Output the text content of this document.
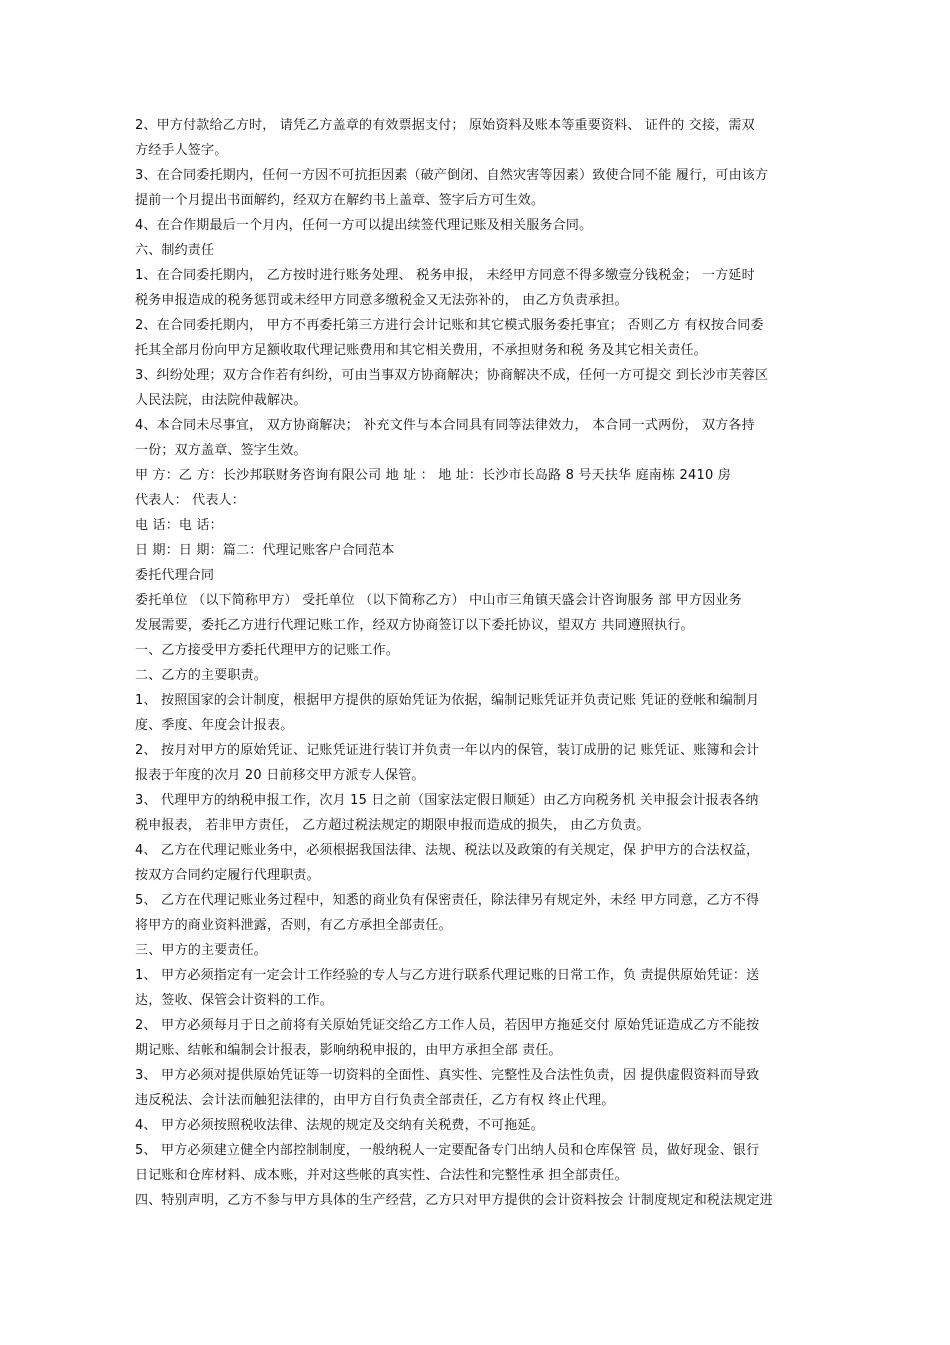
2、甲方付款给乙方时， 请凭乙方盖章的有效票据支付； 原始资料及账本等重要资料、 证件的 交接，需双
方经手人签字。
3、在合同委托期内，任何一方因不可抗拒因素（破产倒闭、自然灾害等因素）致使合同不能 履行，可由该方
提前一个月提出书面解约，经双方在解约书上盖章、签字后方可生效。
4、在合作期最后一个月内，任何一方可以提出续签代理记账及相关服务合同。
六、制约责任
1、在合同委托期内， 乙方按时进行账务处理、 税务申报， 未经甲方同意不得多缴壹分钱税金； 一方延时
税务申报造成的税务惩罚或未经甲方同意多缴税金又无法弥补的， 由乙方负责承担。
2、在合同委托期内， 甲方不再委托第三方进行会计记账和其它模式服务委托事宜； 否则乙方 有权按合同委
托其全部月份向甲方足额收取代理记账费用和其它相关费用，不承担财务和税 务及其它相关责任。
3、纠纷处理；双方合作若有纠纷，可由当事双方协商解决；协商解决不成，任何一方可提交 到长沙市芙蓉区
人民法院，由法院仲裁解决。
4、本合同未尽事宜， 双方协商解决； 补充文件与本合同具有同等法律效力， 本合同一式两份， 双方各持
一份；双方盖章、签字生效。
甲 方：乙 方：长沙邦联财务咨询有限公司 地 址 ： 地 址：长沙市长岛路 8 号天扶华 庭南栋 2410 房
代表人： 代表人：
电 话：电 话：
日 期：日 期：篇二：代理记账客户合同范本
委托代理合同
委托单位 （以下简称甲方） 受托单位 （以下简称乙方） 中山市三角镇天盛会计咨询服务 部 甲方因业务
发展需要，委托乙方进行代理记账工作，经双方协商签订以下委托协议，望双方 共同遵照执行。
一、乙方接受甲方委托代理甲方的记账工作。
二、乙方的主要职责。
1、 按照国家的会计制度，根据甲方提供的原始凭证为依据，编制记账凭证并负责记账 凭证的登帐和编制月
度、季度、年度会计报表。
2、 按月对甲方的原始凭证、记账凭证进行装订并负责一年以内的保管，装订成册的记 账凭证、账簿和会计
报表于年度的次月 20 日前移交甲方派专人保管。
3、 代理甲方的纳税申报工作，次月 15 日之前（国家法定假日顺延）由乙方向税务机 关申报会计报表各纳
税申报表， 若非甲方责任， 乙方超过税法规定的期限申报而造成的损失， 由乙方负责。
4、 乙方在代理记账业务中，必须根据我国法律、法规、税法以及政策的有关规定，保 护甲方的合法权益，
按双方合同约定履行代理职责。
5、 乙方在代理记账业务过程中，知悉的商业负有保密责任，除法律另有规定外，未经 甲方同意，乙方不得
将甲方的商业资料泄露，否则，有乙方承担全部责任。
三、甲方的主要责任。
1、 甲方必须指定有一定会计工作经验的专人与乙方进行联系代理记账的日常工作，负 责提供原始凭证：送
达，签收、保管会计资料的工作。
2、 甲方必须每月于日之前将有关原始凭证交给乙方工作人员，若因甲方拖延交付 原始凭证造成乙方不能按
期记账、结帐和编制会计报表，影响纳税申报的，由甲方承担全部 责任。
3、 甲方必须对提供原始凭证等一切资料的全面性、真实性、完整性及合法性负责，因 提供虚假资料而导致
违反税法、会计法而触犯法律的，由甲方自行负责全部责任，乙方有权 终止代理。
4、 甲方必须按照税收法律、法规的规定及交纳有关税费，不可拖延。
5、 甲方必须建立健全内部控制制度，一般纳税人一定要配备专门出纳人员和仓库保管 员，做好现金、银行
日记账和仓库材料、成本账，并对这些帐的真实性、合法性和完整性承 担全部责任。
四、特别声明，乙方不参与甲方具体的生产经营，乙方只对甲方提供的会计资料按会 计制度规定和税法规定进
